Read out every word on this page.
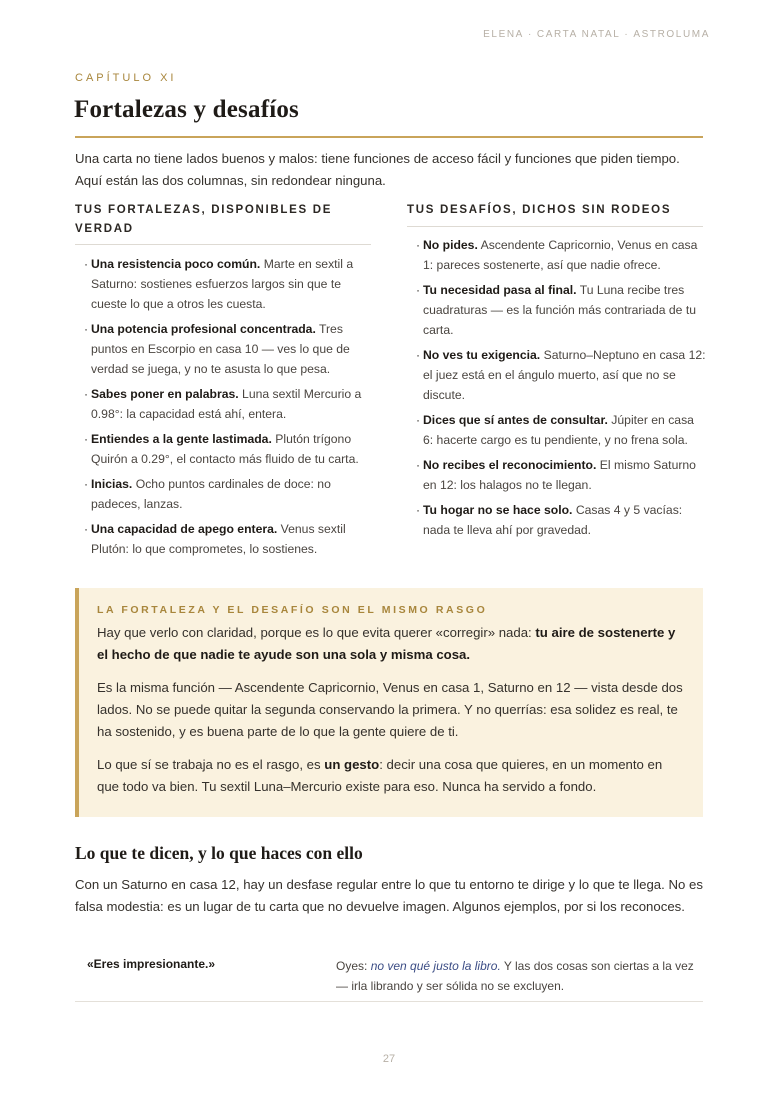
ELENA · CARTA NATAL · ASTROLUMA
CAPÍTULO XI
Fortalezas y desafíos

Una carta no tiene lados buenos y malos: tiene funciones de acceso fácil y funciones que piden tiempo. Aquí están las dos columnas, sin redondear ninguna.

TUS FORTALEZAS, DISPONIBLES DE VERDAD
· Una resistencia poco común. Marte en sextil a Saturno: sostienes esfuerzos largos sin que te cueste lo que a otros les cuesta.
· Una potencia profesional concentrada. Tres puntos en Escorpio en casa 10 — ves lo que de verdad se juega, y no te asusta lo que pesa.
· Sabes poner en palabras. Luna sextil Mercurio a 0.98°: la capacidad está ahí, entera.
· Entiendes a la gente lastimada. Plutón trígono Quirón a 0.29°, el contacto más fluido de tu carta.
· Inicias. Ocho puntos cardinales de doce: no padeces, lanzas.
· Una capacidad de apego entera. Venus sextil Plutón: lo que comprometes, lo sostienes.
TUS DESAFÍOS, DICHOS SIN RODEOS
· No pides. Ascendente Capricornio, Venus en casa 1: pareces sostenerte, así que nadie ofrece.
· Tu necesidad pasa al final. Tu Luna recibe tres cuadraturas — es la función más contrariada de tu carta.
· No ves tu exigencia. Saturno–Neptuno en casa 12: el juez está en el ángulo muerto, así que no se discute.
· Dices que sí antes de consultar. Júpiter en casa 6: hacerte cargo es tu pendiente, y no frena sola.
· No recibes el reconocimiento. El mismo Saturno en 12: los halagos no te llegan.
· Tu hogar no se hace solo. Casas 4 y 5 vacías: nada te lleva ahí por gravedad.
LA FORTALEZA Y EL DESAFÍO SON EL MISMO RASGO

Hay que verlo con claridad, porque es lo que evita querer «corregir» nada: tu aire de sostenerte y el hecho de que nadie te ayude son una sola y misma cosa.

Es la misma función — Ascendente Capricornio, Venus en casa 1, Saturno en 12 — vista desde dos lados. No se puede quitar la segunda conservando la primera. Y no querrías: esa solidez es real, te ha sostenido, y es buena parte de lo que la gente quiere de ti.

Lo que sí se trabaja no es el rasgo, es un gesto: decir una cosa que quieres, en un momento en que todo va bien. Tu sextil Luna–Mercurio existe para eso. Nunca ha servido a fondo.

Lo que te dicen, y lo que haces con ello

Con un Saturno en casa 12, hay un desfase regular entre lo que tu entorno te dirige y lo que te llega. No es falsa modestia: es un lugar de tu carta que no devuelve imagen. Algunos ejemplos, por si los reconoces.

«Eres impresionante.»	Oyes: no ven qué justo la libro. Y las dos cosas son ciertas a la vez — irla librando y ser sólida no se excluyen.
27
